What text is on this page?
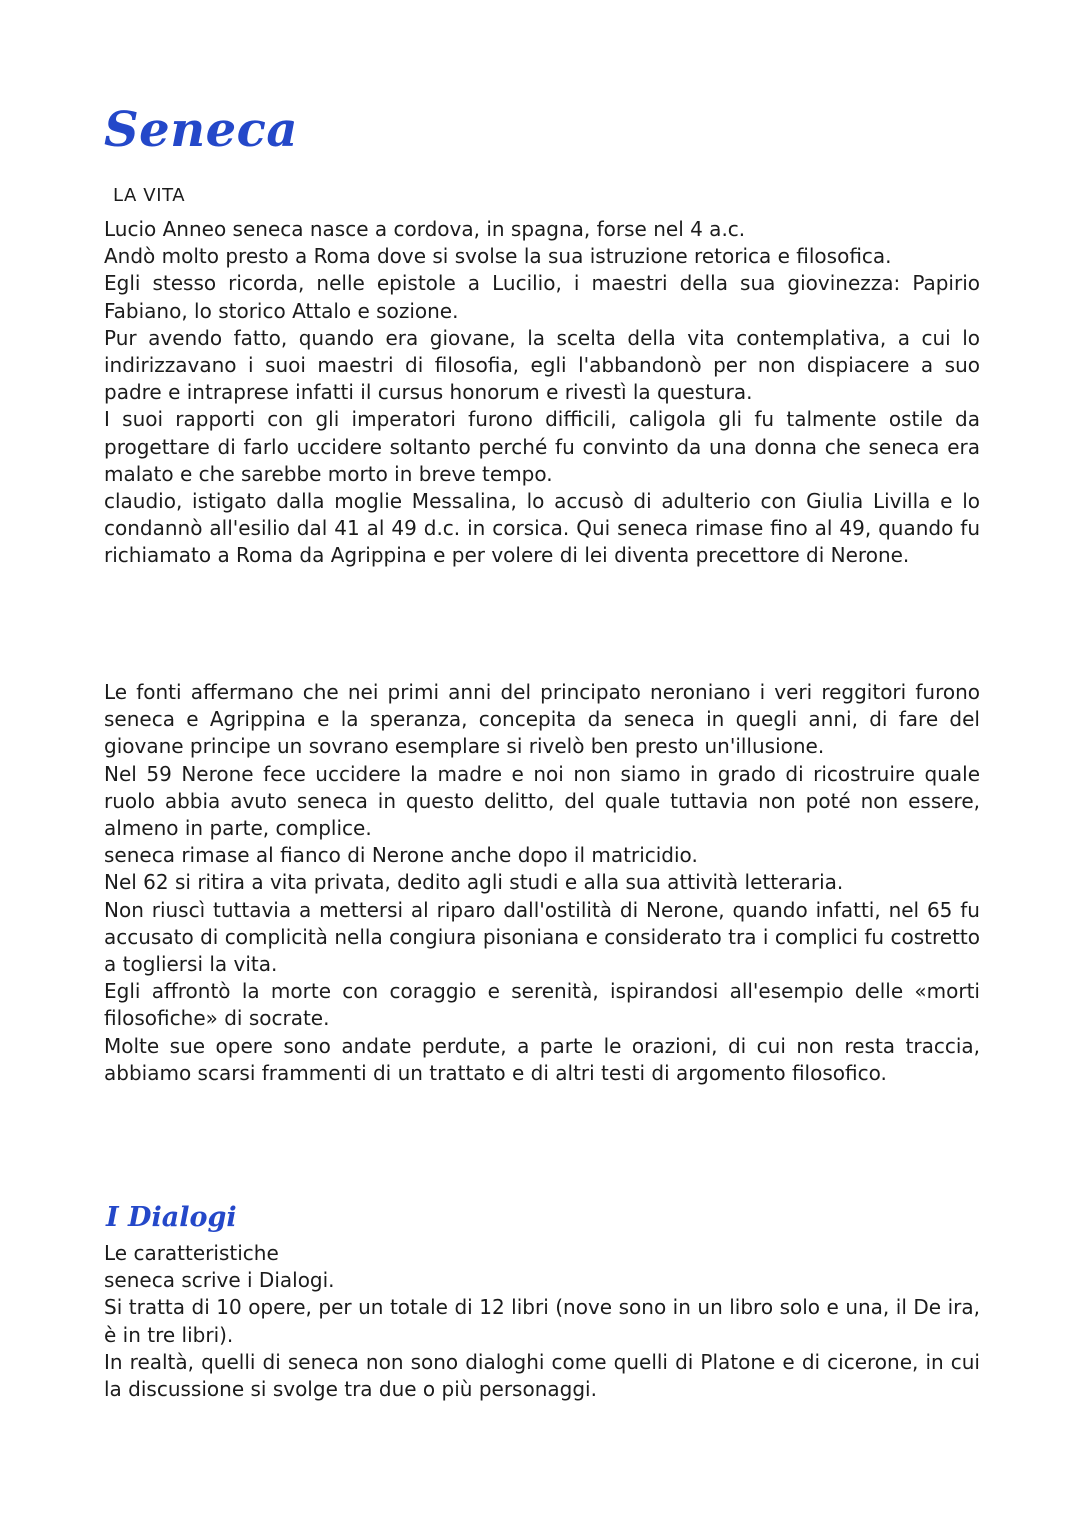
Seneca
LA VITA

Lucio Anneo seneca nasce a cordova, in spagna, forse nel 4 a.c.

Andò molto presto a Roma dove si svolse la sua istruzione retorica e filosofica.

Egli stesso ricorda, nelle epistole a Lucilio, i maestri della sua giovinezza: Papirio Fabiano, lo storico Attalo e sozione.

Pur avendo fatto, quando era giovane, la scelta della vita contemplativa, a cui lo indirizzavano i suoi maestri di filosofia, egli l'abbandonò per non dispiacere a suo padre e intraprese infatti il cursus honorum e rivestì la questura.

I suoi rapporti con gli imperatori furono difficili, caligola gli fu talmente ostile da progettare di farlo uccidere soltanto perché fu convinto da una donna che seneca era malato e che sarebbe morto in breve tempo.

claudio, istigato dalla moglie Messalina, lo accusò di adulterio con Giulia Livilla e lo condannò all'esilio dal 41 al 49 d.c. in corsica. Qui seneca rimase fino al 49, quando fu richiamato a Roma da Agrippina e per volere di lei diventa precettore di Nerone.

Le fonti affermano che nei primi anni del principato neroniano i veri reggitori furono seneca e Agrippina e la speranza, concepita da seneca in quegli anni, di fare del giovane principe un sovrano esemplare si rivelò ben presto un'illusione.

Nel 59 Nerone fece uccidere la madre e noi non siamo in grado di ricostruire quale ruolo abbia avuto seneca in questo delitto, del quale tuttavia non poté non essere, almeno in parte, complice.

seneca rimase al fianco di Nerone anche dopo il matricidio.

Nel 62 si ritira a vita privata, dedito agli studi e alla sua attività letteraria.

Non riuscì tuttavia a mettersi al riparo dall'ostilità di Nerone, quando infatti, nel 65 fu accusato di complicità nella congiura pisoniana e considerato tra i complici fu costretto a togliersi la vita.

Egli affrontò la morte con coraggio e serenità, ispirandosi all'esempio delle «morti filosofiche» di socrate.

Molte sue opere sono andate perdute, a parte le orazioni, di cui non resta traccia, abbiamo scarsi frammenti di un trattato e di altri testi di argomento filosofico.

I Dialogi

Le caratteristiche

seneca scrive i Dialogi.

Si tratta di 10 opere, per un totale di 12 libri (nove sono in un libro solo e una, il De ira, è in tre libri).

In realtà, quelli di seneca non sono dialoghi come quelli di Platone e di cicerone, in cui la discussione si svolge tra due o più personaggi.
